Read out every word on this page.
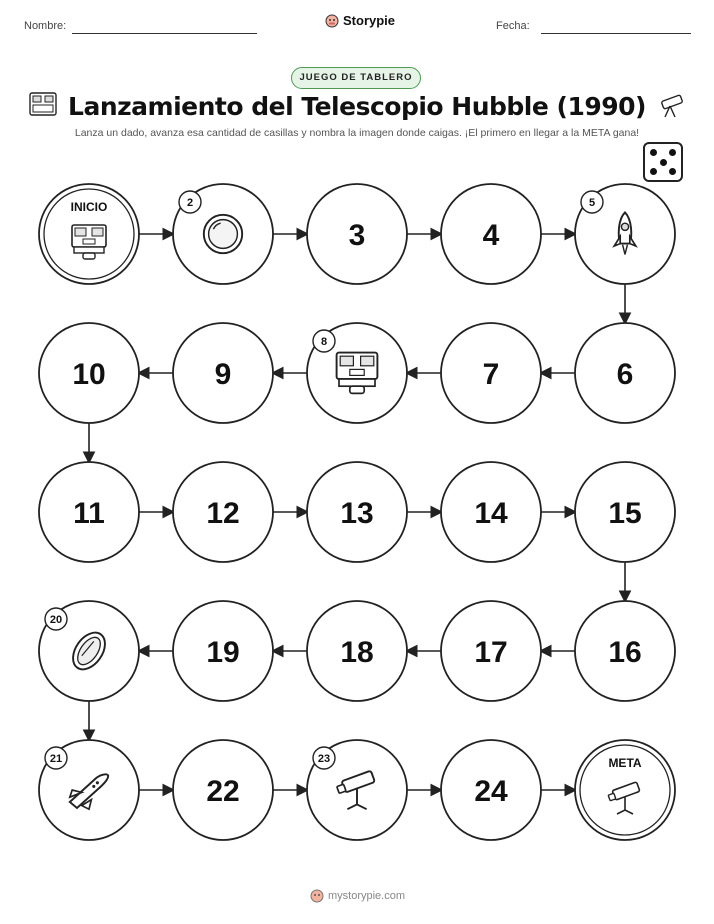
Nombre:	Storypie	Fecha:
JUEGO DE TABLERO
Lanzamiento del Telescopio Hubble (1990)
Lanza un dado, avanza esa cantidad de casillas y nombra la imagen donde caigas. ¡El primero en llegar a la META gana!
INICIO	2
3	4
5
6
7
8
9
10
11	12	13	14	15
16
17
18
19
20
21
22
23
24
META
mystorypie.com
